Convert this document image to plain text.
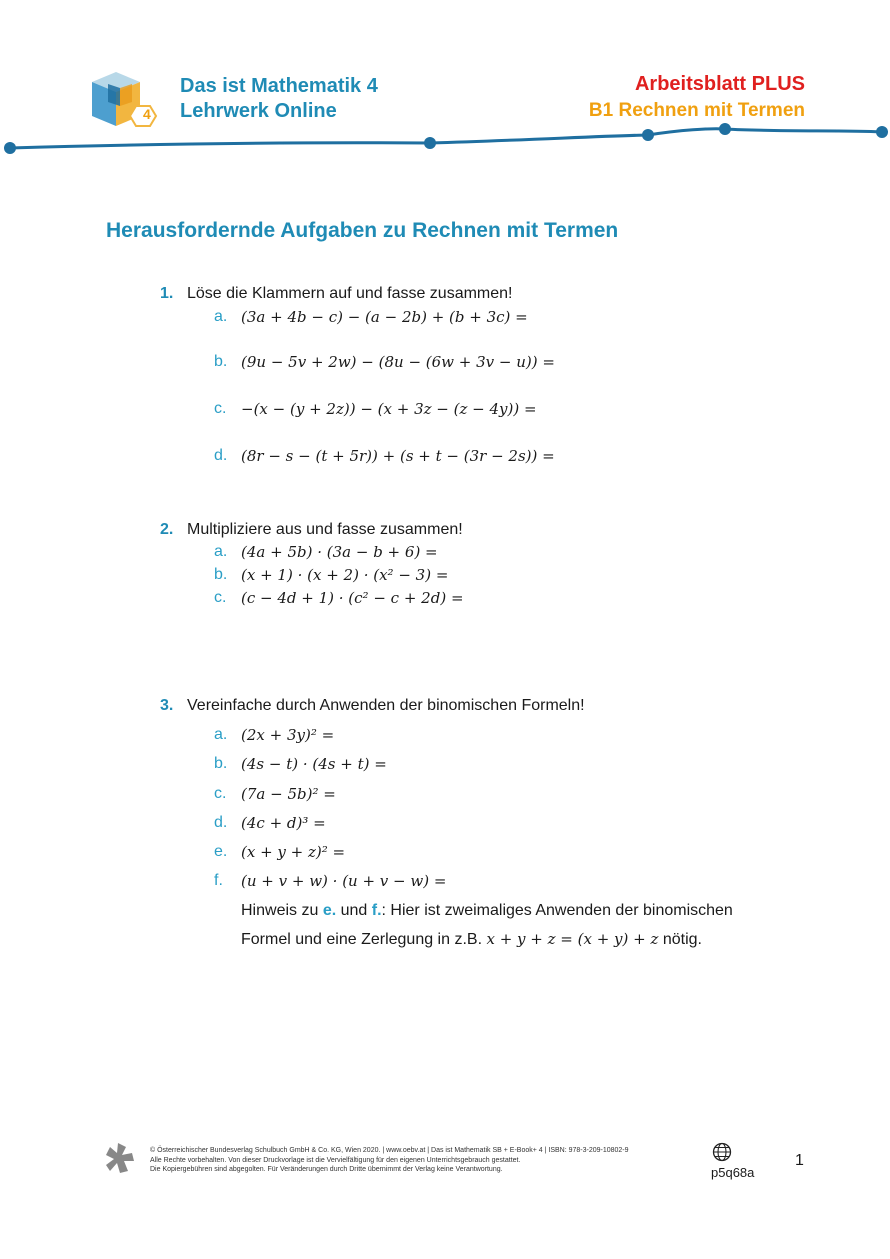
4
Das ist Mathematik 4
Lehrwerk Online
Arbeitsblatt PLUS
B1 Rechnen mit Termen
Herausfordernde Aufgaben zu Rechnen mit Termen
1. Löse die Klammern auf und fasse zusammen!
a. (3a + 4b − c) − (a − 2b) + (b + 3c) =
b. (9u − 5v + 2w) − (8u − (6w + 3v − u)) =
c. −(x − (y + 2z)) − (x + 3z − (z − 4y)) =
d. (8r − s − (t + 5r)) + (s + t − (3r − 2s)) =
2. Multipliziere aus und fasse zusammen!
a. (4a + 5b) · (3a − b + 6) =
b. (x + 1) · (x + 2) · (x² − 3) =
c. (c − 4d + 1) · (c² − c + 2d) =
3. Vereinfache durch Anwenden der binomischen Formeln!
a. (2x + 3y)² =
b. (4s − t) · (4s + t) =
c. (7a − 5b)² =
d. (4c + d)³ =
e. (x + y + z)² =
f. (u + v + w) · (u + v − w) =
Hinweis zu e. und f.: Hier ist zweimaliges Anwenden der binomischen
Formel und eine Zerlegung in z.B. x + y + z = (x + y) + z nötig.
© Österreichischer Bundesverlag Schulbuch GmbH & Co. KG, Wien 2020. | www.oebv.at | Das ist Mathematik SB + E-Book+ 4 | ISBN: 978-3-209-10802-9
Alle Rechte vorbehalten. Von dieser Druckvorlage ist die Vervielfältigung für den eigenen Unterrichtsgebrauch gestattet.
Die Kopiergebühren sind abgegolten. Für Veränderungen durch Dritte übernimmt der Verlag keine Verantwortung.	p5q68a
1
